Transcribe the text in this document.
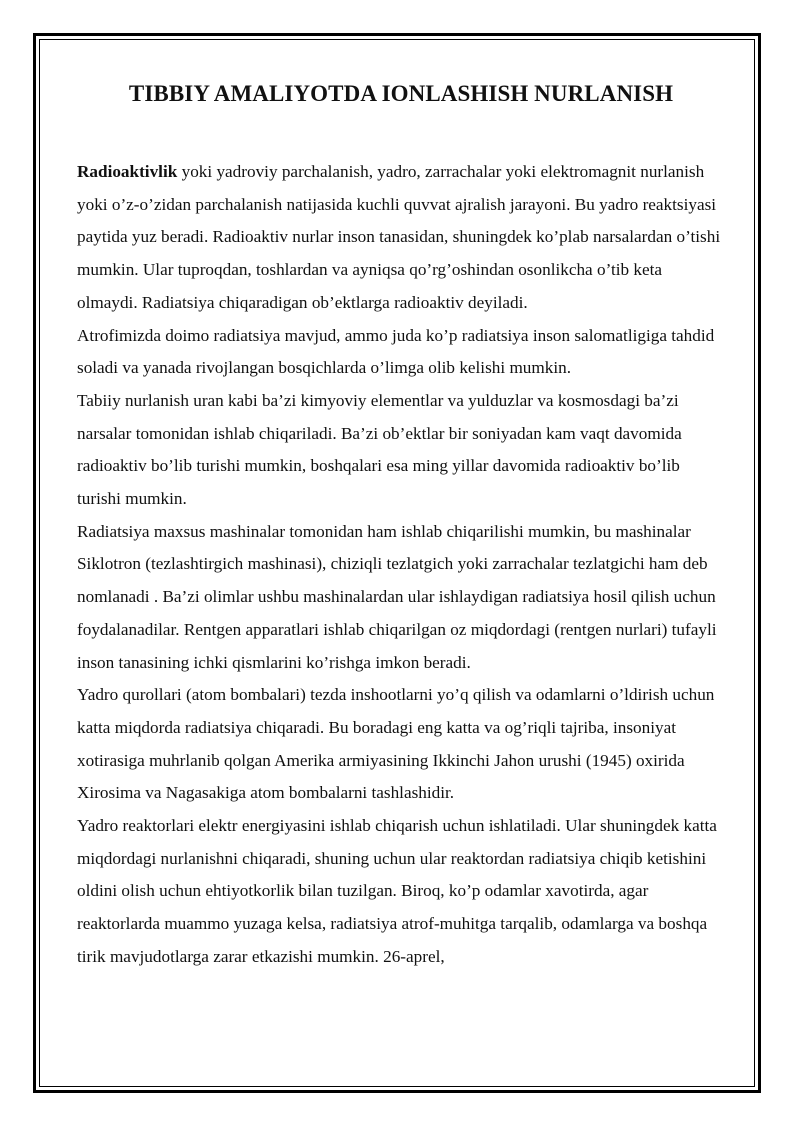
TIBBIY AMALIYOTDA IONLASHISH NURLANISH

Radioaktivlik yoki yadroviy parchalanish, yadro, zarrachalar yoki elektromagnit nurlanish yoki o’z-o’zidan parchalanish natijasida kuchli quvvat ajralish jarayoni. Bu yadro reaktsiyasi paytida yuz beradi. Radioaktiv nurlar inson tanasidan, shuningdek ko’plab narsalardan o’tishi mumkin. Ular tuproqdan, toshlardan va ayniqsa qo’rg’oshindan osonlikcha o’tib keta olmaydi. Radiatsiya chiqaradigan ob’ektlarga radioaktiv deyiladi.

Atrofimizda doimo radiatsiya mavjud, ammo juda ko’p radiatsiya inson salomatligiga tahdid soladi va yanada rivojlangan bosqichlarda o’limga olib kelishi mumkin.

Tabiiy nurlanish uran kabi ba’zi kimyoviy elementlar va yulduzlar va kosmosdagi ba’zi narsalar tomonidan ishlab chiqariladi. Ba’zi ob’ektlar bir soniyadan kam vaqt davomida radioaktiv bo’lib turishi mumkin, boshqalari esa ming yillar davomida radioaktiv bo’lib turishi mumkin.

Radiatsiya maxsus mashinalar tomonidan ham ishlab chiqarilishi mumkin, bu mashinalar Siklotron (tezlashtirgich mashinasi), chiziqli tezlatgich yoki zarrachalar tezlatgichi ham deb nomlanadi . Ba’zi olimlar ushbu mashinalardan ular ishlaydigan radiatsiya hosil qilish uchun foydalanadilar. Rentgen apparatlari ishlab chiqarilgan oz miqdordagi (rentgen nurlari) tufayli inson tanasining ichki qismlarini ko’rishga imkon beradi.

Yadro qurollari (atom bombalari) tezda inshootlarni yo’q qilish va odamlarni o’ldirish uchun katta miqdorda radiatsiya chiqaradi. Bu boradagi eng katta va og’riqli tajriba, insoniyat xotirasiga muhrlanib qolgan Amerika armiyasining Ikkinchi Jahon urushi (1945) oxirida Xirosima va Nagasakiga atom bombalarni tashlashidir.

Yadro reaktorlari elektr energiyasini ishlab chiqarish uchun ishlatiladi. Ular shuningdek katta miqdordagi nurlanishni chiqaradi, shuning uchun ular reaktordan radiatsiya chiqib ketishini oldini olish uchun ehtiyotkorlik bilan tuzilgan. Biroq, ko’p odamlar xavotirda, agar reaktorlarda muammo yuzaga kelsa, radiatsiya atrof-muhitga tarqalib, odamlarga va boshqa tirik mavjudotlarga zarar etkazishi mumkin. 26-aprel,
